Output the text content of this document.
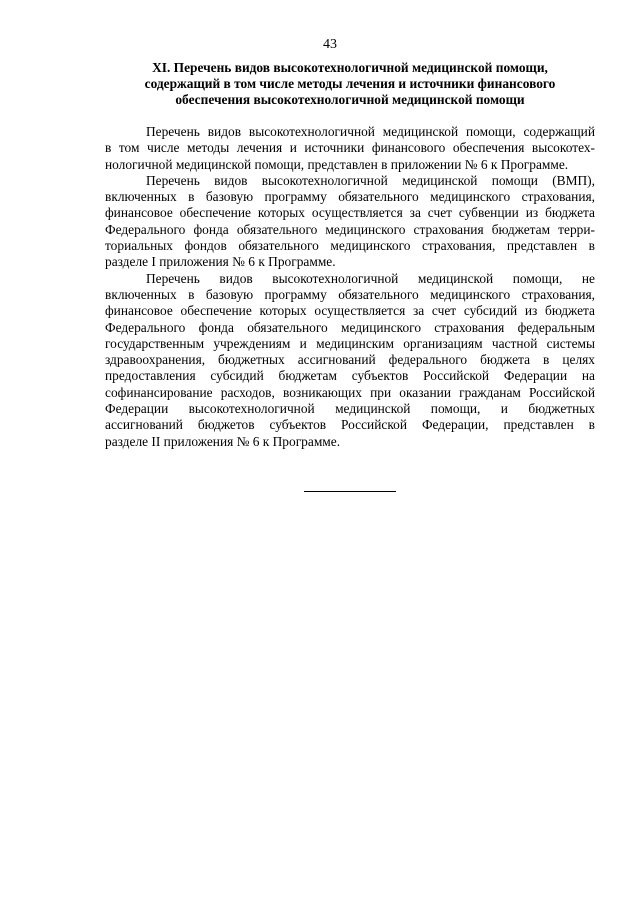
43
XI. Перечень видов высокотехнологичной медицинской помощи,
содержащий в том числе методы лечения и источники финансового
обеспечения высокотехнологичной медицинской помощи

Перечень видов высокотехнологичной медицинской помощи, содержащий
в том числе методы лечения и источники финансового обеспечения высокотех-
нологичной медицинской помощи, представлен в приложении № 6 к Программе.

Перечень видов высокотехнологичной медицинской помощи (ВМП),
включенных в базовую программу обязательного медицинского страхования,
финансовое обеспечение которых осуществляется за счет субвенции из бюджета
Федерального фонда обязательного медицинского страхования бюджетам терри-
ториальных фондов обязательного медицинского страхования, представлен в
разделе I приложения № 6 к Программе.

Перечень видов высокотехнологичной медицинской помощи, не
включенных в базовую программу обязательного медицинского страхования,
финансовое обеспечение которых осуществляется за счет субсидий из бюджета
Федерального фонда обязательного медицинского страхования федеральным
государственным учреждениям и медицинским организациям частной системы
здравоохранения, бюджетных ассигнований федерального бюджета в целях
предоставления субсидий бюджетам субъектов Российской Федерации на
софинансирование расходов, возникающих при оказании гражданам Российской
Федерации высокотехнологичной медицинской помощи, и бюджетных
ассигнований бюджетов субъектов Российской Федерации, представлен в
разделе II приложения № 6 к Программе.
